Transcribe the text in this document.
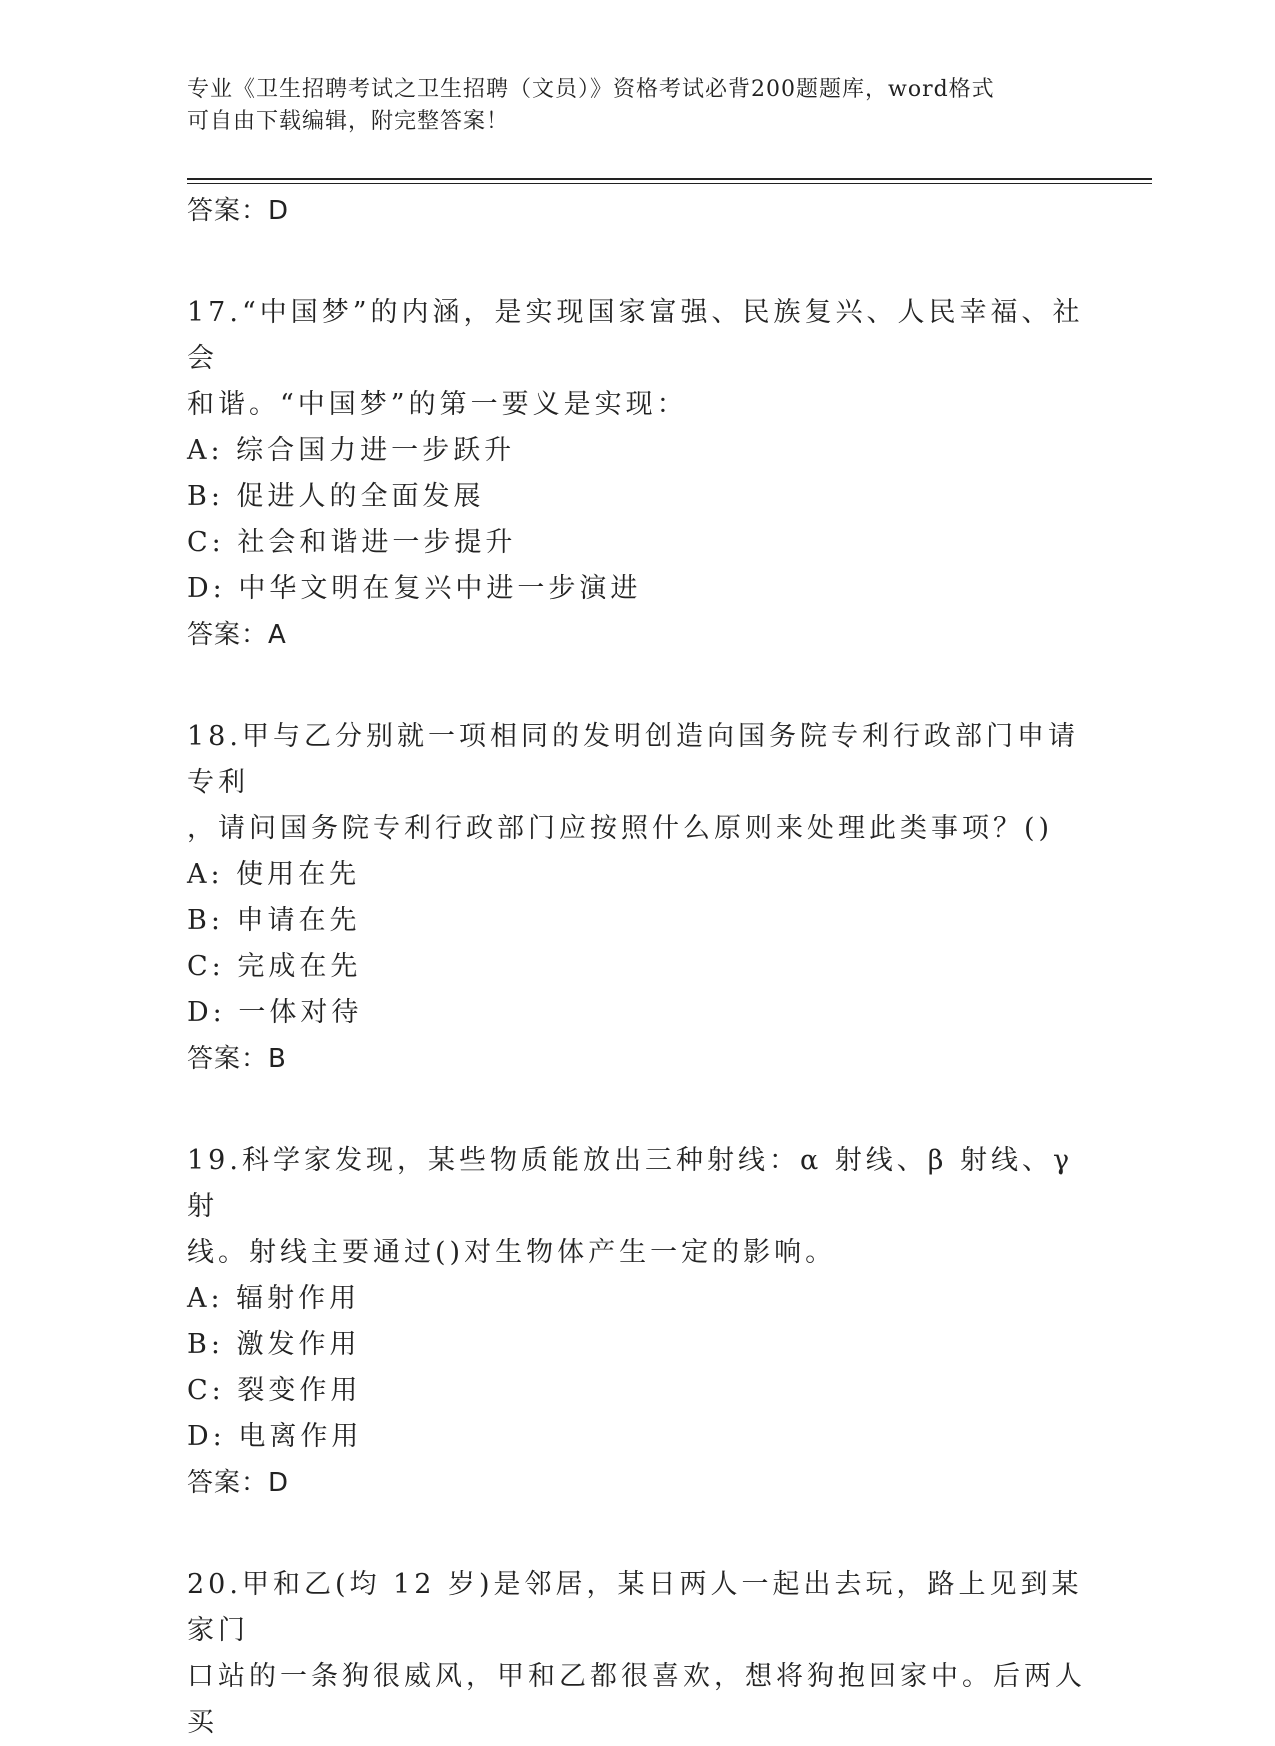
专业《卫生招聘考试之卫生招聘（文员）》资格考试必背200题题库，word格式
可自由下载编辑，附完整答案！
答案：D
17.“中国梦”的内涵，是实现国家富强、民族复兴、人民幸福、社会
和谐。“中国梦”的第一要义是实现：
A: 综合国力进一步跃升
B: 促进人的全面发展
C: 社会和谐进一步提升
D: 中华文明在复兴中进一步演进
答案：A
18.甲与乙分别就一项相同的发明创造向国务院专利行政部门申请专利
，请问国务院专利行政部门应按照什么原则来处理此类事项？()
A: 使用在先
B: 申请在先
C: 完成在先
D: 一体对待
答案：B
19.科学家发现，某些物质能放出三种射线：α 射线、β 射线、γ 射
线。射线主要通过()对生物体产生一定的影响。
A: 辐射作用
B: 激发作用
C: 裂变作用
D: 电离作用
答案：D
20.甲和乙(均 12 岁)是邻居，某日两人一起出去玩，路上见到某家门
口站的一条狗很威风，甲和乙都很喜欢，想将狗抱回家中。后两人买
